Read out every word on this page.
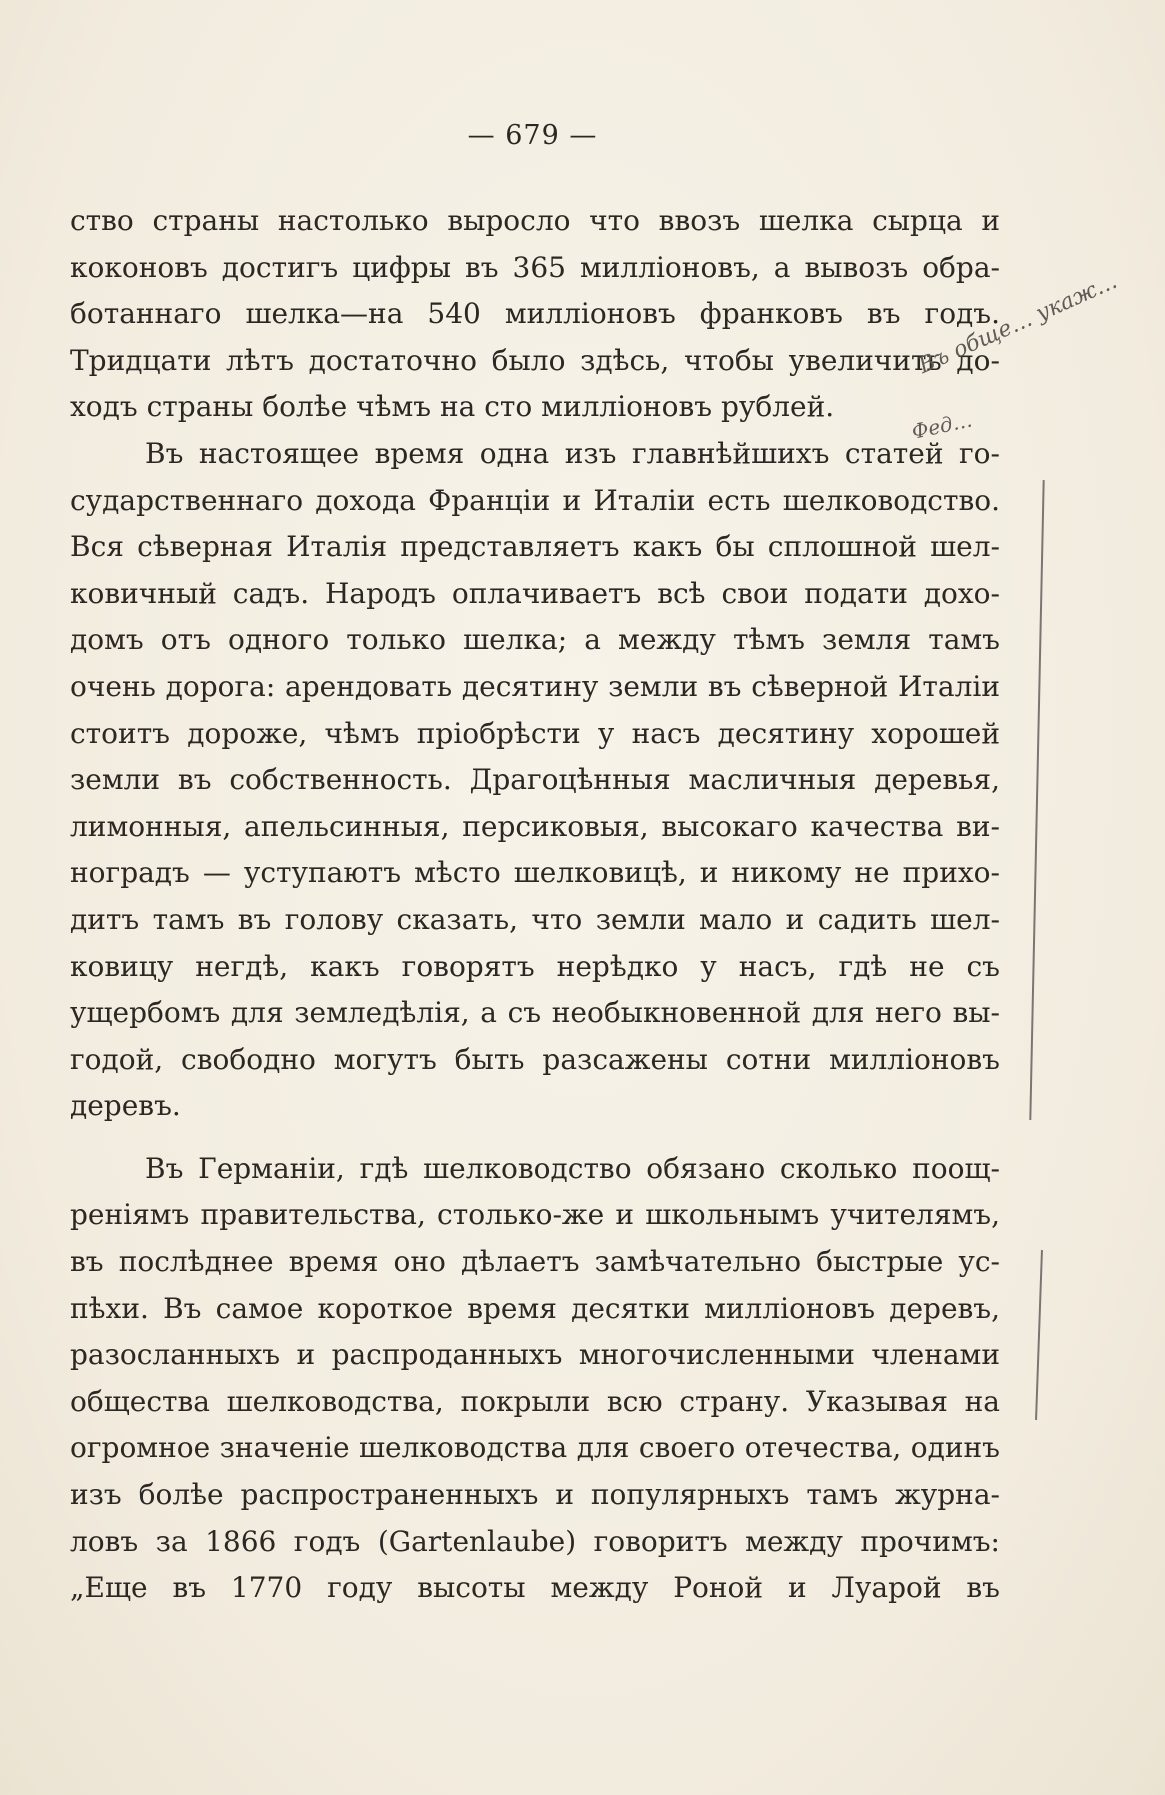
— 679 —
ство страны настолько выросло что ввозъ шелка сырца и
коконовъ достигъ цифры въ 365 милліоновъ, а вывозъ обра-
ботаннаго шелка—на 540 милліоновъ франковъ въ годъ.
Тридцати лѣтъ достаточно было здѣсь, чтобы увеличить до-
ходъ страны болѣе чѣмъ на сто милліоновъ рублей.
Въ настоящее время одна изъ главнѣйшихъ статей го-
сударственнаго дохода Франціи и Италіи есть шелководство.
Вся сѣверная Италія представляетъ какъ бы сплошной шел-
ковичный садъ. Народъ оплачиваетъ всѣ свои подати дохо-
домъ отъ одного только шелка; а между тѣмъ земля тамъ
очень дорога: арендовать десятину земли въ сѣверной Италіи
стоитъ дороже, чѣмъ пріобрѣсти у насъ десятину хорошей
земли въ собственность. Драгоцѣнныя масличныя деревья,
лимонныя, апельсинныя, персиковыя, высокаго качества ви-
ноградъ — уступаютъ мѣсто шелковицѣ, и никому не прихо-
дитъ тамъ въ голову сказать, что земли мало и садить шел-
ковицу негдѣ, какъ говорятъ нерѣдко у насъ, гдѣ не съ
ущербомъ для земледѣлія, а съ необыкновенной для него вы-
годой, свободно могутъ быть разсажены сотни милліоновъ
деревъ.
Въ Германіи, гдѣ шелководство обязано сколько поощ-
реніямъ правительства, столько-же и школьнымъ учителямъ,
въ послѣднее время оно дѣлаетъ замѣчательно быстрые ус-
пѣхи. Въ самое короткое время десятки милліоновъ деревъ,
разосланныхъ и распроданныхъ многочисленными членами
общества шелководства, покрыли всю страну. Указывая на
огромное значеніе шелководства для своего отечества, одинъ
изъ болѣе распространенныхъ и популярныхъ тамъ журна-
ловъ за 1866 годъ (Gartenlaube) говоритъ между прочимъ:
„Еще въ 1770 году высоты между Роной и Луарой въ
Въ обще… укаж…
Фед…
